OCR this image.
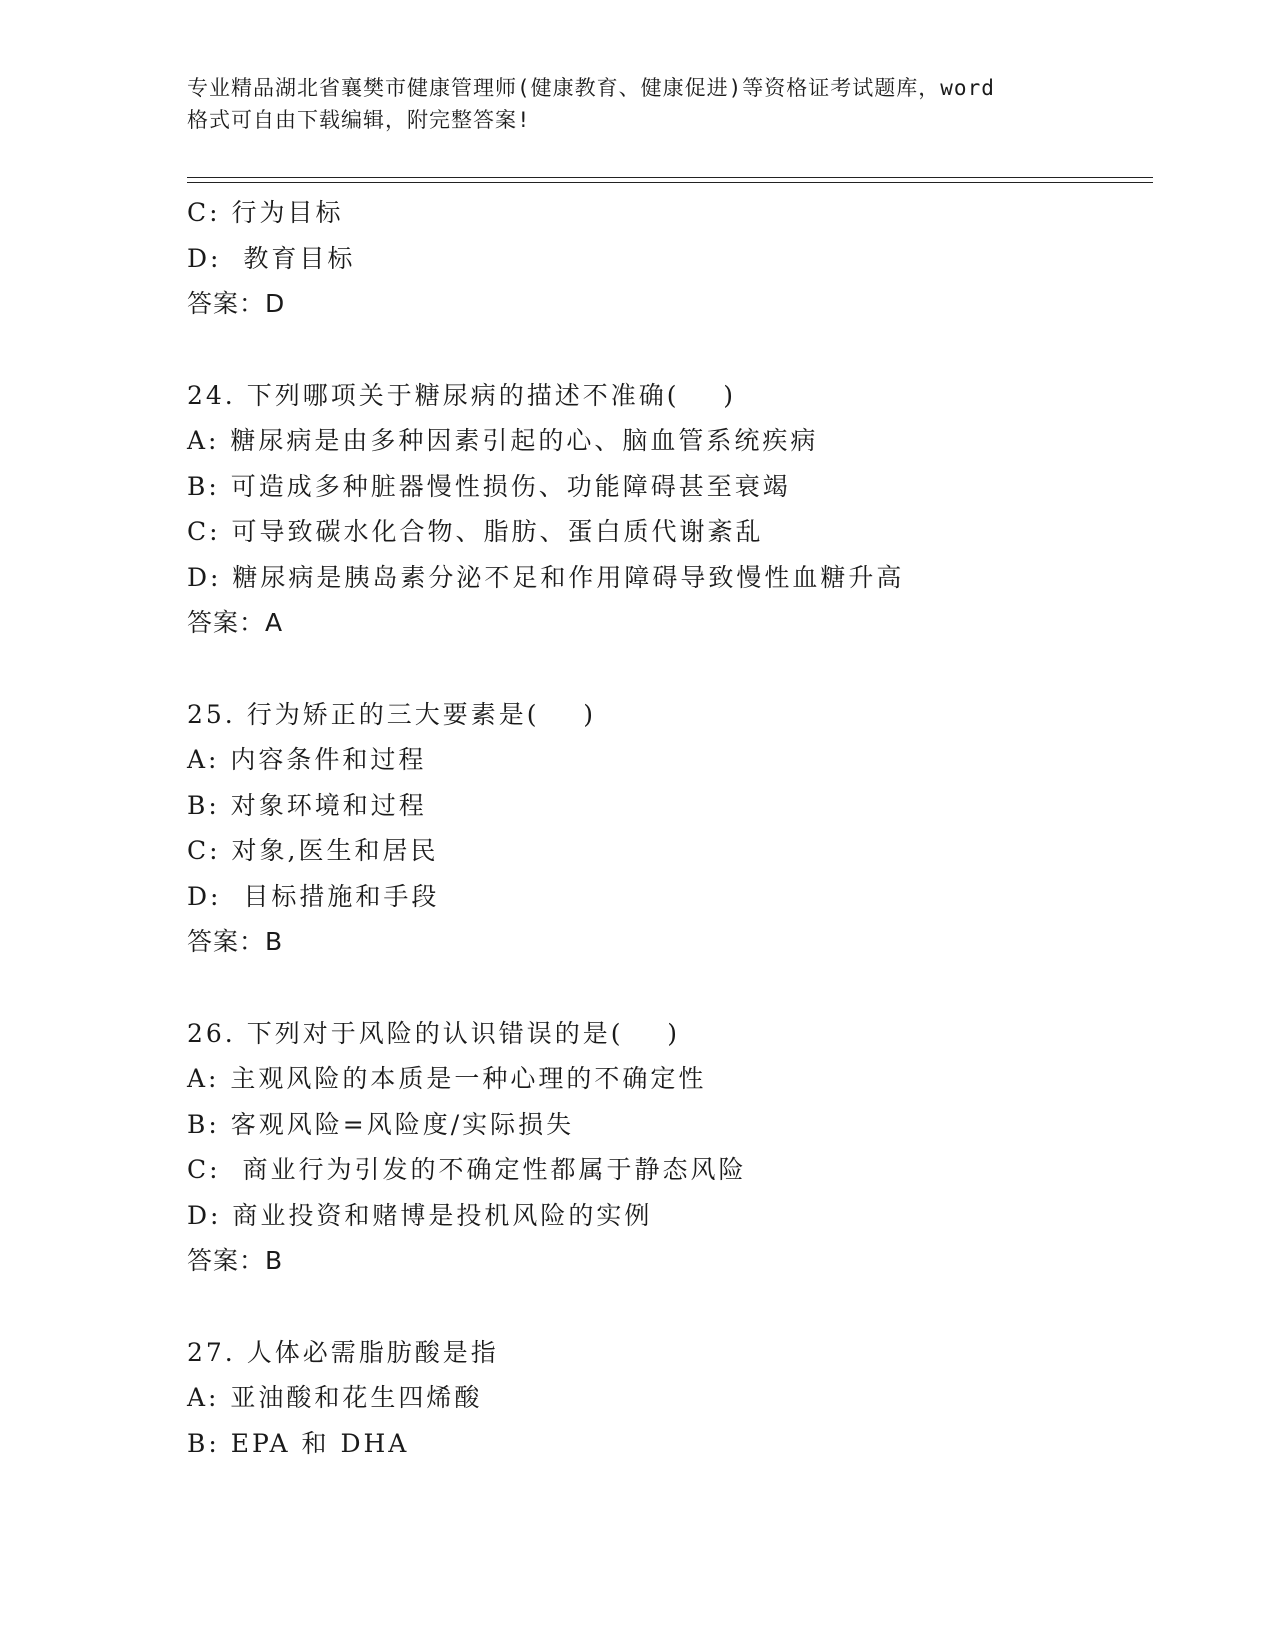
专业精品湖北省襄樊市健康管理师(健康教育、健康促进)等资格证考试题库，word
格式可自由下载编辑，附完整答案!
C: 行为目标
D:  教育目标
答案：D
24. 下列哪项关于糖尿病的描述不准确(    )
A: 糖尿病是由多种因素引起的心、脑血管系统疾病
B: 可造成多种脏器慢性损伤、功能障碍甚至衰竭
C: 可导致碳水化合物、脂肪、蛋白质代谢紊乱
D: 糖尿病是胰岛素分泌不足和作用障碍导致慢性血糖升高
答案：A
25. 行为矫正的三大要素是(    )
A: 内容条件和过程
B: 对象环境和过程
C: 对象,医生和居民
D:  目标措施和手段
答案：B
26. 下列对于风险的认识错误的是(    )
A: 主观风险的本质是一种心理的不确定性
B: 客观风险=风险度/实际损失
C:  商业行为引发的不确定性都属于静态风险
D: 商业投资和赌博是投机风险的实例
答案：B
27. 人体必需脂肪酸是指
A: 亚油酸和花生四烯酸
B: EPA 和 DHA
